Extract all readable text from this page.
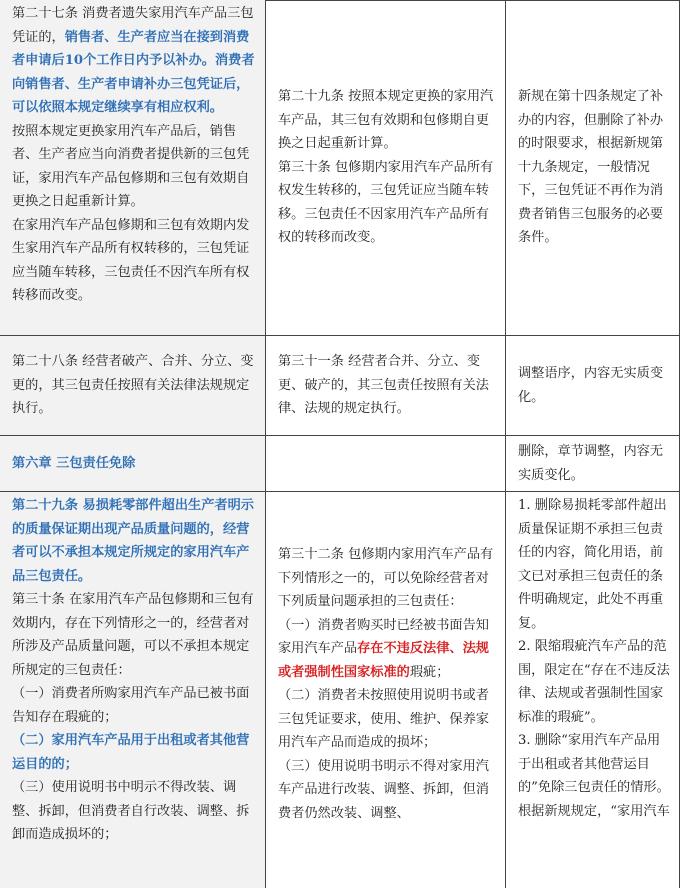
第二十七条 消费者遗失家用汽车产品三包凭证的，销售者、生产者应当在接到消费者申请后10个工作日内予以补办。消费者向销售者、生产者申请补办三包凭证后，可以依照本规定继续享有相应权利。
按照本规定更换家用汽车产品后，销售者、生产者应当向消费者提供新的三包凭证，家用汽车产品包修期和三包有效期自更换之日起重新计算。
在家用汽车产品包修期和三包有效期内发生家用汽车产品所有权转移的，三包凭证应当随车转移，三包责任不因汽车所有权转移而改变。
第二十九条 按照本规定更换的家用汽车产品，其三包有效期和包修期自更换之日起重新计算。
第三十条 包修期内家用汽车产品所有权发生转移的，三包凭证应当随车转移。三包责任不因家用汽车产品所有权的转移而改变。
新规在第十四条规定了补办的内容，但删除了补办的时限要求，根据新规第十九条规定，一般情况下，三包凭证不再作为消费者销售三包服务的必要条件。
第二十八条 经营者破产、合并、分立、变更的，其三包责任按照有关法律法规规定执行。
第三十一条 经营者合并、分立、变更、破产的，其三包责任按照有关法律、法规的规定执行。
调整语序，内容无实质变化。
第六章 三包责任免除
删除，章节调整，内容无实质变化。
第二十九条 易损耗零部件超出生产者明示的质量保证期出现产品质量问题的，经营者可以不承担本规定所规定的家用汽车产品三包责任。
第三十条 在家用汽车产品包修期和三包有效期内，存在下列情形之一的，经营者对所涉及产品质量问题，可以不承担本规定所规定的三包责任：
（一）消费者所购家用汽车产品已被书面告知存在瑕疵的；
（二）家用汽车产品用于出租或者其他营运目的的；
（三）使用说明书中明示不得改装、调整、拆卸，但消费者自行改装、调整、拆卸而造成损坏的；
第三十二条 包修期内家用汽车产品有下列情形之一的，可以免除经营者对下列质量问题承担的三包责任：
（一）消费者购买时已经被书面告知家用汽车产品存在不违反法律、法规或者强制性国家标准的瑕疵；
（二）消费者未按照使用说明书或者三包凭证要求，使用、维护、保养家用汽车产品而造成的损坏；
（三）使用说明书明示不得对家用汽车产品进行改装、调整、拆卸，但消费者仍然改装、调整、
1. 删除易损耗零部件超出质量保证期不承担三包责任的内容，简化用语，前文已对承担三包责任的条件明确规定，此处不再重复。
2. 限缩瑕疵汽车产品的范围，限定在“存在不违反法律、法规或者强制性国家标准的瑕疵”。
3. 删除“家用汽车产品用于出租或者其他营运目的”免除三包责任的情形。根据新规规定，“家用汽车
